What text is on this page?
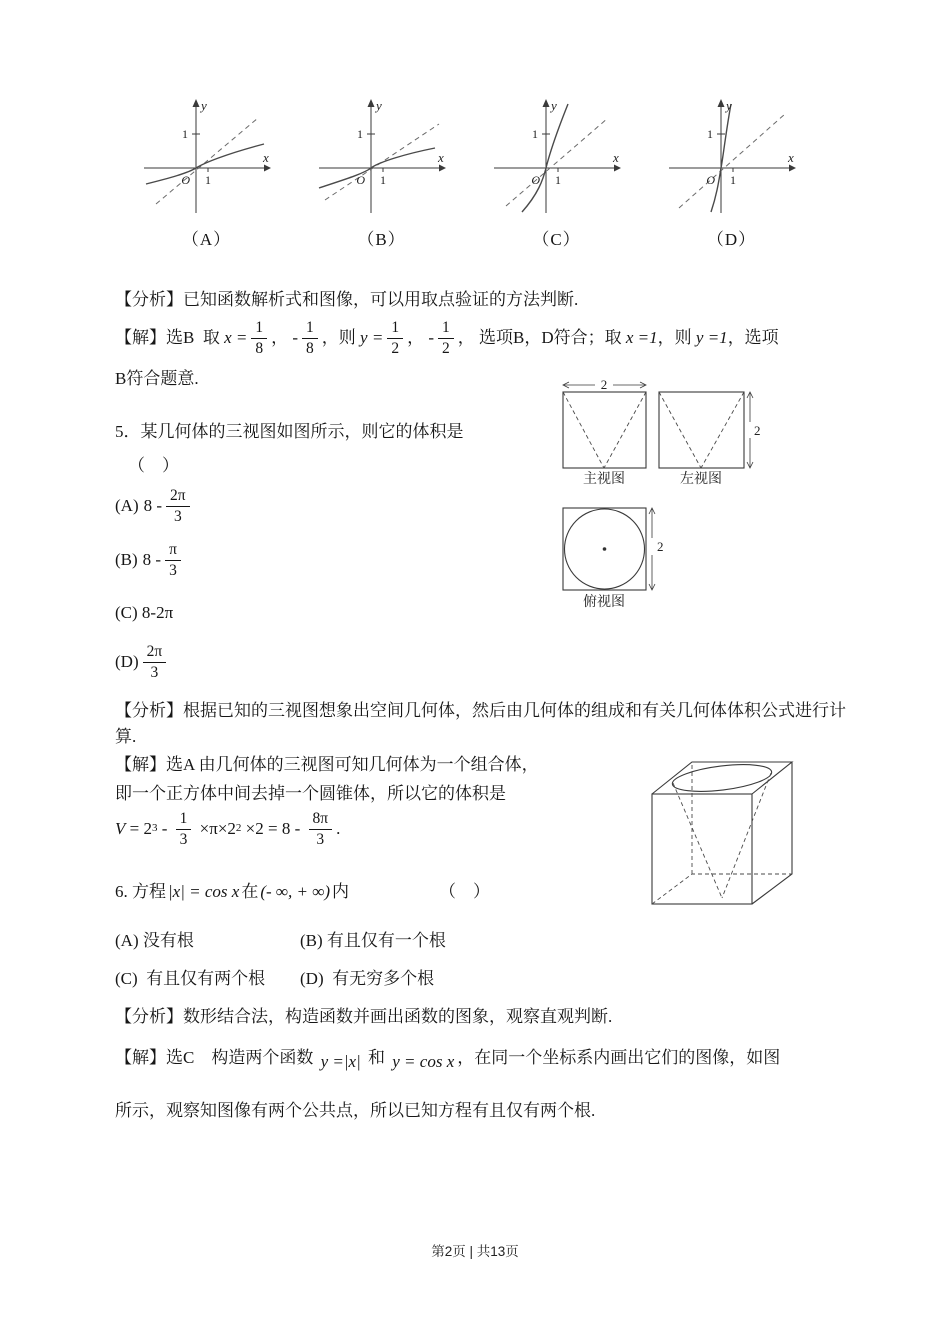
y
x
O
1
1
（A）
y
x
O
1
1
（B）
y
x
O
1
1
（C）
y
x
O
1
1
（D）
【分析】已知函数解析式和图像，可以用取点验证的方法判断.
【解】选B  取 $x = \frac{1}{8}$ ， - $\frac{1}{8}$ ，则 $y = \frac{1}{2}$ ， - $\frac{1}{2}$ ， 选项B，D符合；取 x =1 ，则 y =1 ，选项
B符合题意.
5．某几何体的三视图如图所示，则它的体积是
（　）
(A) $8 - \frac{2\pi}{3}$
(B) $8 - \frac{\pi}{3}$
(C) 8-2π
$(D) \frac{2\pi}{3}$
2
主视图
2
左视图
2
俯视图
【分析】根据已知的三视图想象出空间几何体，然后由几何体的组成和有关几何体体积公式进行计算.
【解】选A 由几何体的三视图可知几何体为一个组合体，
即一个正方体中间去掉一个圆锥体，所以它的体积是
V = 2 $3 - \frac{1}{3} \times\pi\times 2$ $2 \times 2 = 8 - \frac{8\pi}{3}$ .
6. 方程 |x| = cos x 在 (- ∞, + ∞) 内	（　）
(A) 没有根	(B) 有且仅有一个根
(C)  有且仅有两个根 (D)  有无穷多个根
【分析】数形结合法，构造函数并画出函数的图象，观察直观判断.
【解】选C　构造两个函数 y =|x| 和 y = cos x ，在同一个坐标系内画出它们的图像，如图
所示，观察知图像有两个公共点，所以已知方程有且仅有两个根.
第2页 | 共13页
